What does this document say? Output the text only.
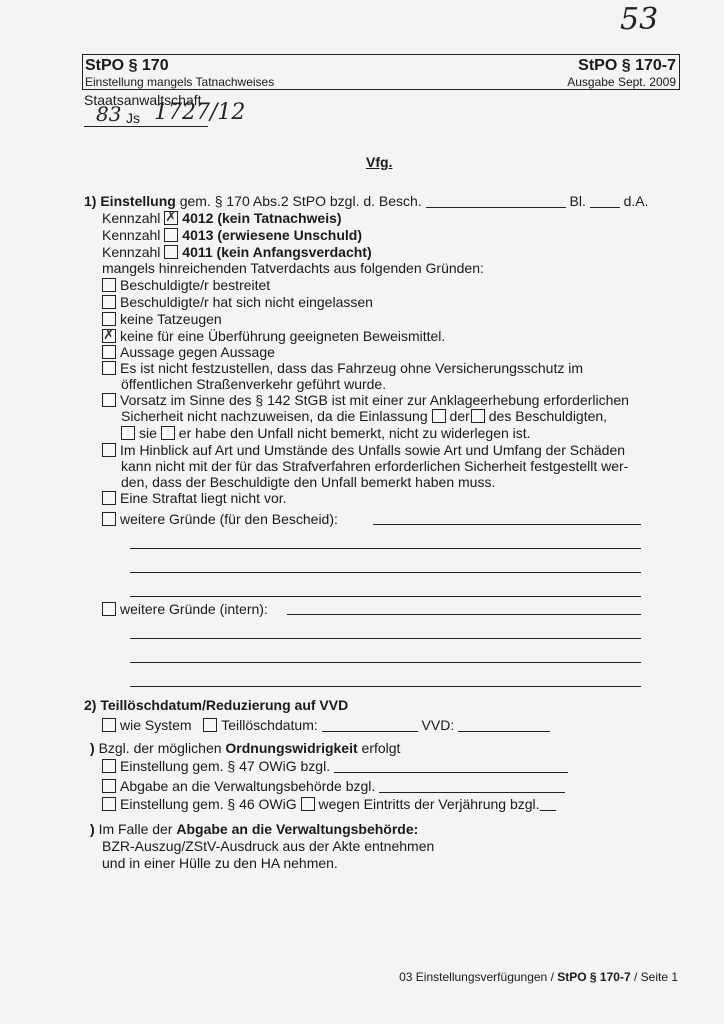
53
StPO § 170
Einstellung mangels Tatnachweises
StPO § 170-7
Ausgabe Sept. 2009
Staatsanwaltschaft
83 Js 1727/12
Vfg.
1) Einstellung gem. § 170 Abs.2 StPO bzgl. d. Besch.	Bl.	d.A.
Kennzahl ✗ 4012 (kein Tatnachweis)
Kennzahl 4013 (erwiesene Unschuld)
Kennzahl 4011 (kein Anfangsverdacht)
mangels hinreichenden Tatverdachts aus folgenden Gründen:
Beschuldigte/r bestreitet
Beschuldigte/r hat sich nicht eingelassen
keine Tatzeugen
✗keine für eine Überführung geeigneten Beweismittel.
Aussage gegen Aussage
Es ist nicht festzustellen, dass das Fahrzeug ohne Versicherungsschutz im
öffentlichen Straßenverkehr geführt wurde.
Vorsatz im Sinne des § 142 StGB ist mit einer zur Anklageerhebung erforderlichen
Sicherheit nicht nachzuweisen, da die Einlassung der des Beschuldigten,
sie er habe den Unfall nicht bemerkt, nicht zu widerlegen ist.
Im Hinblick auf Art und Umstände des Unfalls sowie Art und Umfang der Schäden
kann nicht mit der für das Strafverfahren erforderlichen Sicherheit festgestellt wer-
den, dass der Beschuldigte den Unfall bemerkt haben muss.
Eine Straftat liegt nicht vor.
weitere Gründe (für den Bescheid):
weitere Gründe (intern):
2) Teillöschdatum/Reduzierung auf VVD
wie System Teillöschdatum:	VVD:
) Bzgl. der möglichen Ordnungswidrigkeit erfolgt
Einstellung gem. § 47 OWiG bzgl.
Abgabe an die Verwaltungsbehörde bzgl.
Einstellung gem. § 46 OWiG wegen Eintritts der Verjährung bzgl.
) Im Falle der Abgabe an die Verwaltungsbehörde:
BZR-Auszug/ZStV-Ausdruck aus der Akte entnehmen
und in einer Hülle zu den HA nehmen.
03 Einstellungsverfügungen / StPO § 170-7 / Seite 1
